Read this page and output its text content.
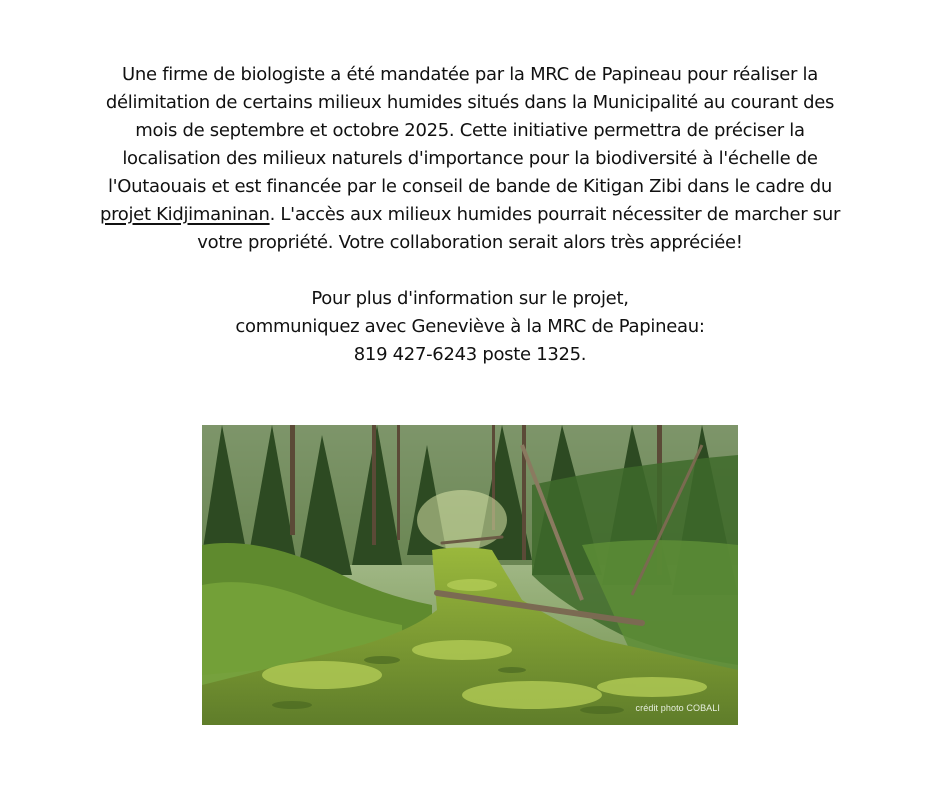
Une firme de biologiste a été mandatée par la MRC de Papineau pour réaliser la délimitation de certains milieux humides situés dans la Municipalité au courant des mois de septembre et octobre 2025. Cette initiative permettra de préciser la localisation des milieux naturels d'importance pour la biodiversité à l'échelle de l'Outaouais et est financée par le conseil de bande de Kitigan Zibi dans le cadre du projet Kidjimaninan. L'accès aux milieux humides pourrait nécessiter de marcher sur votre propriété. Votre collaboration serait alors très appréciée!

Pour plus d'information sur le projet,

communiquez avec Geneviève à la MRC de Papineau:

819 427-6243 poste 1325.

crédit photo COBALI
